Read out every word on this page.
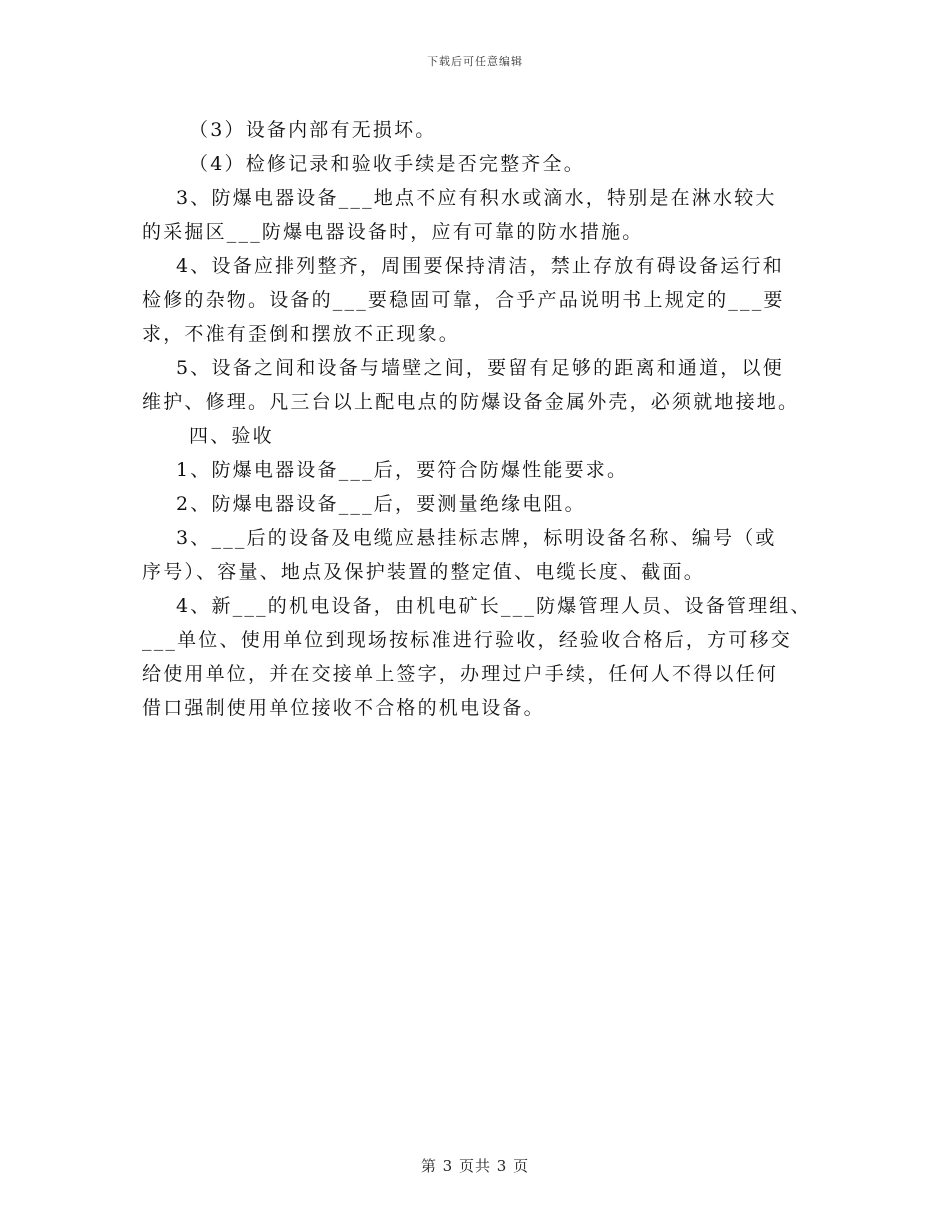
下载后可任意编辑
（3）设备内部有无损坏。
（4）检修记录和验收手续是否完整齐全。
3、防爆电器设备___地点不应有积水或滴水，特别是在淋水较大
的采掘区___防爆电器设备时，应有可靠的防水措施。
4、设备应排列整齐，周围要保持清洁，禁止存放有碍设备运行和
检修的杂物。设备的___要稳固可靠，合乎产品说明书上规定的___要
求，不准有歪倒和摆放不正现象。
5、设备之间和设备与墙壁之间，要留有足够的距离和通道，以便
维护、修理。凡三台以上配电点的防爆设备金属外壳，必须就地接地。
四、验收
1、防爆电器设备___后，要符合防爆性能要求。
2、防爆电器设备___后，要测量绝缘电阻。
3、___后的设备及电缆应悬挂标志牌，标明设备名称、编号（或
序号）、容量、地点及保护装置的整定值、电缆长度、截面。
4、新___的机电设备，由机电矿长___防爆管理人员、设备管理组、
___单位、使用单位到现场按标准进行验收，经验收合格后，方可移交
给使用单位，并在交接单上签字，办理过户手续，任何人不得以任何
借口强制使用单位接收不合格的机电设备。
第 3 页共 3 页
